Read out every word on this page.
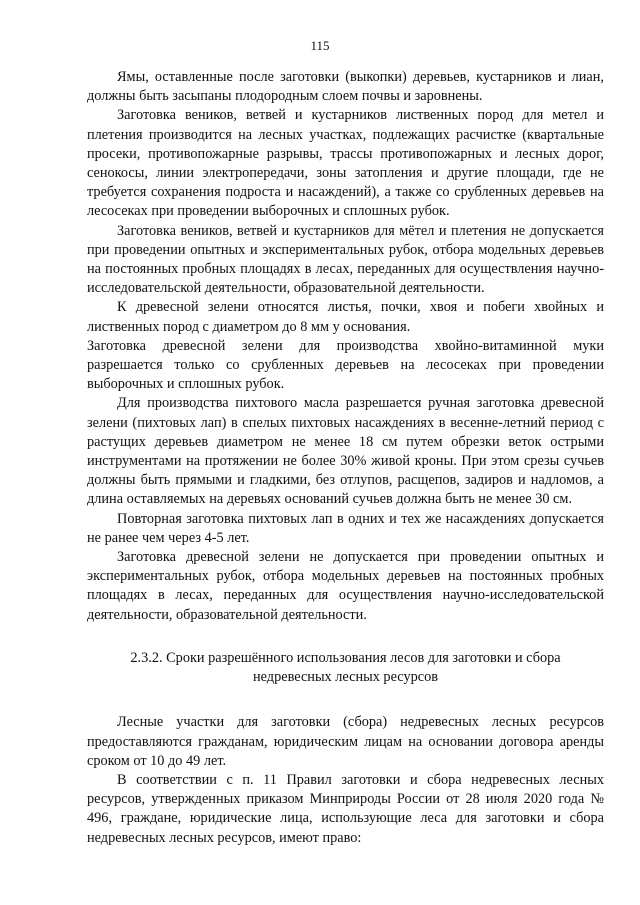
115

Ямы, оставленные после заготовки (выкопки) деревьев, кустарников и лиан, должны быть засыпаны плодородным слоем почвы и заровнены.

Заготовка веников, ветвей и кустарников лиственных пород для метел и плетения производится на лесных участках, подлежащих расчистке (квартальные просеки, противопожарные разрывы, трассы противопожарных и лесных дорог, сенокосы, линии электропередачи, зоны затопления и другие площади, где не требуется сохранения подроста и насаждений), а также со срубленных деревьев на лесосеках при проведении выборочных и сплошных рубок.

Заготовка веников, ветвей и кустарников для мётел и плетения не допускается при проведении опытных и экспериментальных рубок, отбора модельных деревьев на постоянных пробных площадях в лесах, переданных для осуществления научно-исследовательской деятельности, образовательной деятельности.

К древесной зелени относятся листья, почки, хвоя и побеги хвойных и лиственных пород с диаметром до 8 мм у основания.

Заготовка древесной зелени для производства хвойно-витаминной муки разрешается только со срубленных деревьев на лесосеках при проведении выборочных и сплошных рубок.

Для производства пихтового масла разрешается ручная заготовка древесной зелени (пихтовых лап) в спелых пихтовых насаждениях в весенне-летний период с растущих деревьев диаметром не менее 18 см путем обрезки веток острыми инструментами на протяжении не более 30% живой кроны. При этом срезы сучьев должны быть прямыми и гладкими, без отлупов, расщепов, задиров и надломов, а длина оставляемых на деревьях оснований сучьев должна быть не менее 30 см.

Повторная заготовка пихтовых лап в одних и тех же насаждениях допускается не ранее чем через 4-5 лет.

Заготовка древесной зелени не допускается при проведении опытных и экспериментальных рубок, отбора модельных деревьев на постоянных пробных площадях в лесах, переданных для осуществления научно-исследовательской деятельности, образовательной деятельности.

2.3.2. Сроки разрешённого использования лесов для заготовки и сбора
недревесных лесных ресурсов

Лесные участки для заготовки (сбора) недревесных лесных ресурсов предоставляются гражданам, юридическим лицам на основании договора аренды сроком от 10 до 49 лет.

В соответствии с п. 11 Правил заготовки и сбора недревесных лесных ресурсов, утвержденных приказом Минприроды России от 28 июля 2020 года № 496, граждане, юридические лица, использующие леса для заготовки и сбора недревесных лесных ресурсов, имеют право:
